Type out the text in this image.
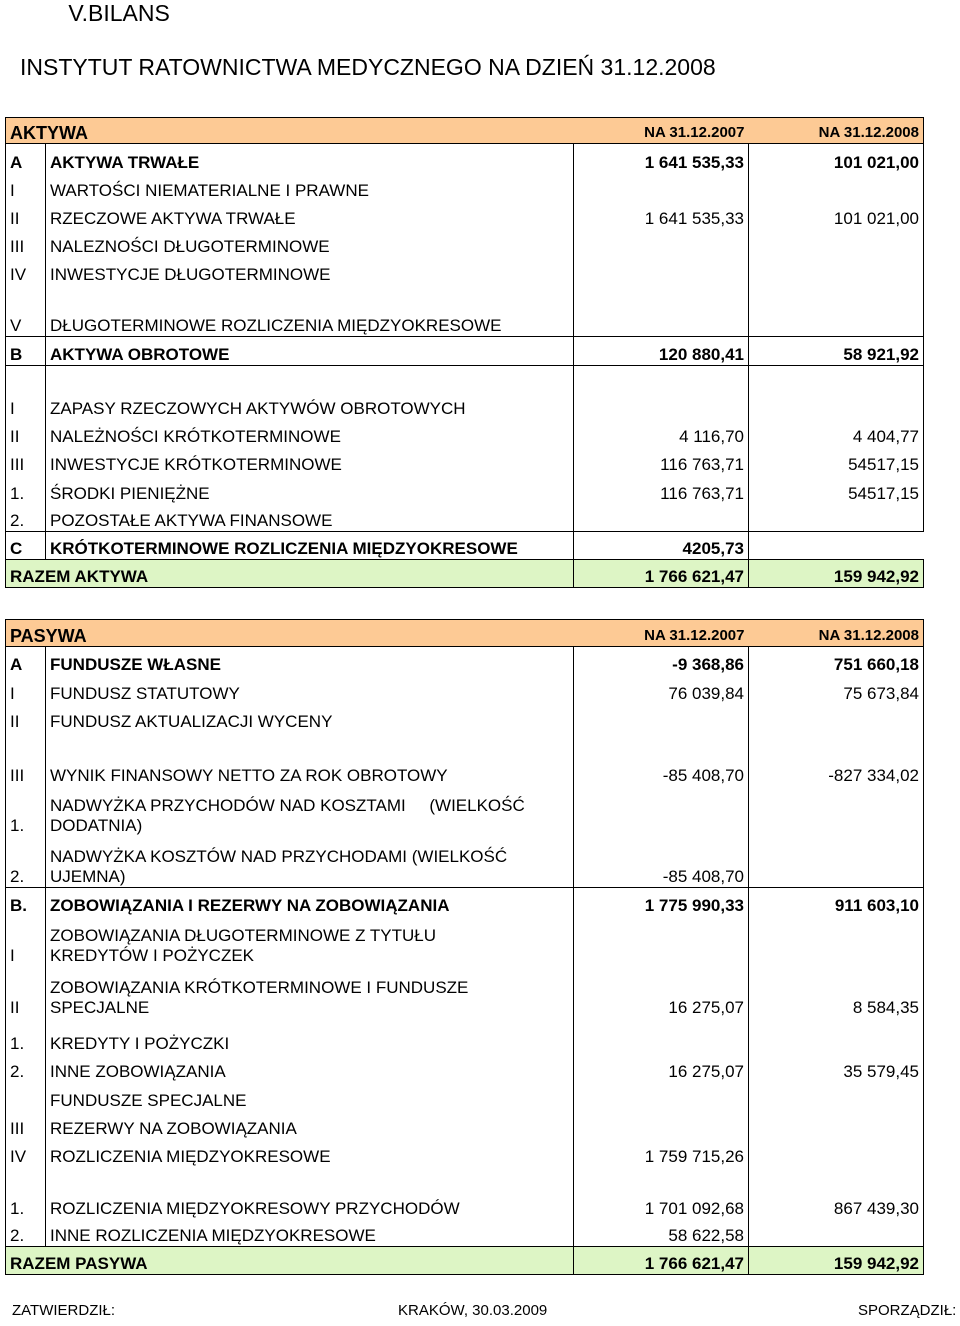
V.BILANS
INSTYTUT RATOWNICTWA MEDYCZNEGO NA DZIEŃ 31.12.2008
AKTYWA		NA 31.12.2007	NA 31.12.2008
A	AKTYWA TRWAŁE	1 641 535,33	101 021,00
I	WARTOŚCI NIEMATERIALNE I PRAWNE		
II	RZECZOWE AKTYWA TRWAŁE	1 641 535,33	101 021,00
III	NALEZNOŚCI DŁUGOTERMINOWE		
IV	INWESTYCJE DŁUGOTERMINOWE		
V	DŁUGOTERMINOWE ROZLICZENIA MIĘDZYOKRESOWE		
B	AKTYWA OBROTOWE	120 880,41	58 921,92
I	ZAPASY RZECZOWYCH AKTYWÓW OBROTOWYCH		
II	NALEŻNOŚCI KRÓTKOTERMINOWE	4 116,70	4 404,77
III	INWESTYCJE KRÓTKOTERMINOWE	116 763,71	54517,15
1.	ŚRODKI PIENIĘŻNE	116 763,71	54517,15
2.	POZOSTAŁE AKTYWA FINANSOWE		
C	KRÓTKOTERMINOWE ROZLICZENIA MIĘDZYOKRESOWE	4205,73	
RAZEM AKTYWA		1 766 621,47	159 942,92
PASYWA		NA 31.12.2007	NA 31.12.2008
A	FUNDUSZE WŁASNE	-9 368,86	751 660,18
I	FUNDUSZ STATUTOWY	76 039,84	75 673,84
II	FUNDUSZ AKTUALIZACJI WYCENY		
III	WYNIK FINANSOWY NETTO ZA ROK OBROTOWY	-85 408,70	-827 334,02
1.	NADWYŻKA PRZYCHODÓW NAD KOSZTAMI     (WIELKOŚĆ
DODATNIA)		

2.	NADWYŻKA KOSZTÓW NAD PRZYCHODAMI (WIELKOŚĆ
UJEMNA)	-85 408,70	
B.	ZOBOWIĄZANIA I REZERWY NA ZOBOWIĄZANIA	1 775 990,33	911 603,10
I	ZOBOWIĄZANIA DŁUGOTERMINOWE Z TYTUŁU
KREDYTÓW I POŻYCZEK		

II	ZOBOWIĄZANIA KRÓTKOTERMINOWE I FUNDUSZE
SPECJALNE	16 275,07	8 584,35
1.	KREDYTY I POŻYCZKI		
2.	INNE ZOBOWIĄZANIA	16 275,07	35 579,45
	FUNDUSZE SPECJALNE		
III	REZERWY NA ZOBOWIĄZANIA		
IV	ROZLICZENIA MIĘDZYOKRESOWE	1 759 715,26	
1.	ROZLICZENIA MIĘDZYOKRESOWY PRZYCHODÓW	1 701 092,68	867 439,30
2.	INNE ROZLICZENIA MIĘDZYOKRESOWE	58 622,58	
RAZEM PASYWA		1 766 621,47	159 942,92
ZATWIERDZIŁ:	KRAKÓW, 30.03.2009	SPORZĄDZIŁ:
